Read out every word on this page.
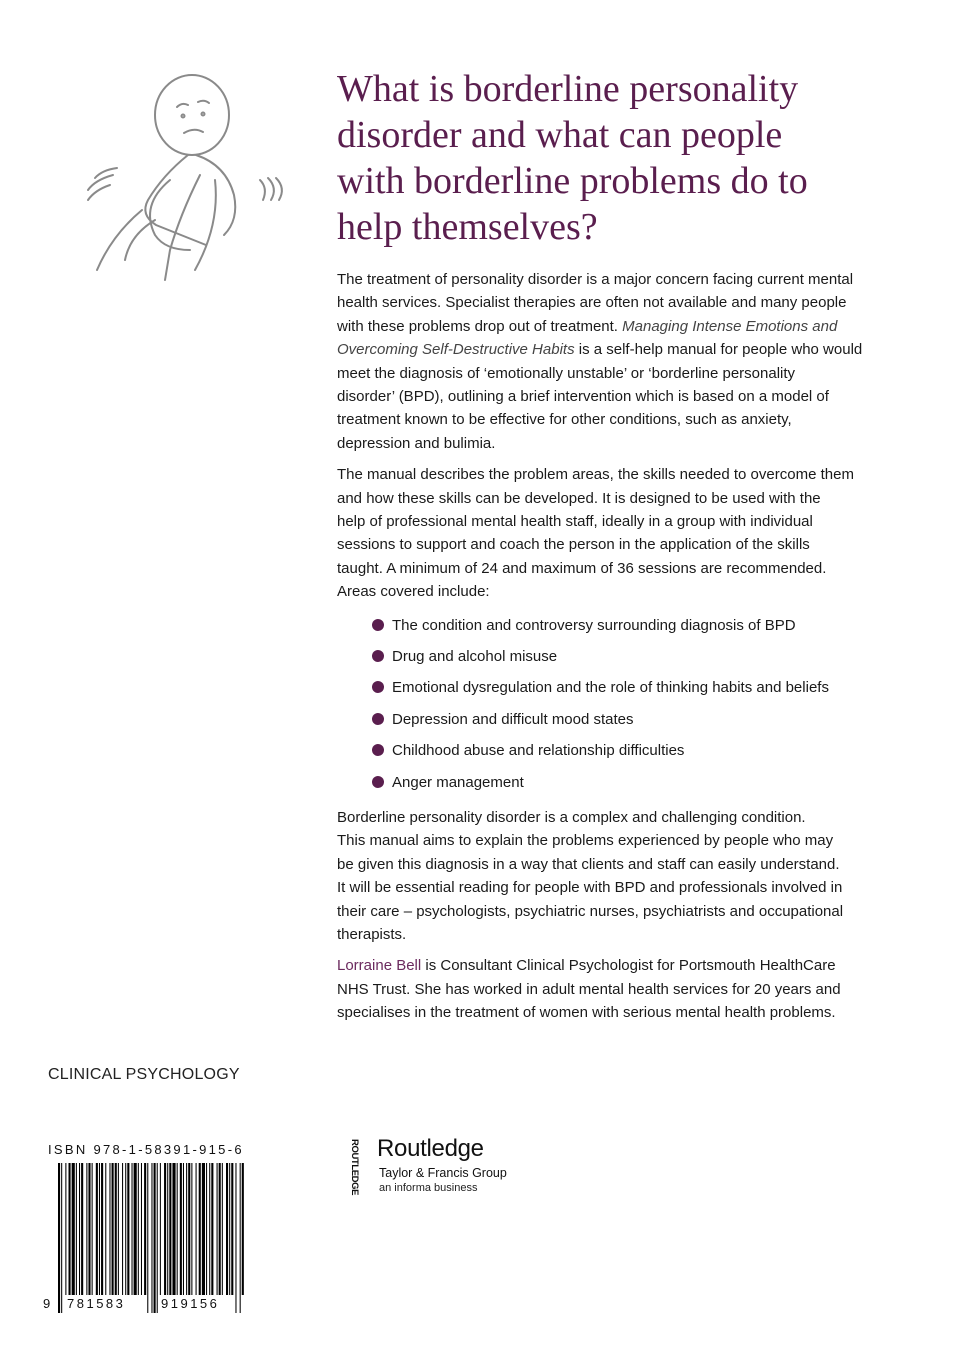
What is borderline personality
disorder and what can people
with borderline problems do to
help themselves?

The treatment of personality disorder is a major concern facing current mental
health services. Specialist therapies are often not available and many people
with these problems drop out of treatment. Managing Intense Emotions and
Overcoming Self-Destructive Habits is a self-help manual for people who would
meet the diagnosis of ‘emotionally unstable’ or ‘borderline personality
disorder’ (BPD), outlining a brief intervention which is based on a model of
treatment known to be effective for other conditions, such as anxiety,
depression and bulimia.

The manual describes the problem areas, the skills needed to overcome them
and how these skills can be developed. It is designed to be used with the
help of professional mental health staff, ideally in a group with individual
sessions to support and coach the person in the application of the skills
taught. A minimum of 24 and maximum of 36 sessions are recommended.
Areas covered include:

The condition and controversy surrounding diagnosis of BPD
Drug and alcohol misuse
Emotional dysregulation and the role of thinking habits and beliefs
Depression and difficult mood states
Childhood abuse and relationship difficulties
Anger management

Borderline personality disorder is a complex and challenging condition.
This manual aims to explain the problems experienced by people who may
be given this diagnosis in a way that clients and staff can easily understand.
It will be essential reading for people with BPD and professionals involved in
their care – psychologists, psychiatric nurses, psychiatrists and occupational
therapists.

Lorraine Bell is Consultant Clinical Psychologist for Portsmouth HealthCare
NHS Trust. She has worked in adult mental health services for 20 years and
specialises in the treatment of women with serious mental health problems.

CLINICAL PSYCHOLOGY
ISBN 978-1-58391-915-6
9 781583	919156
ROUTLEDGE Routledge
Taylor & Francis Group
an informa business
